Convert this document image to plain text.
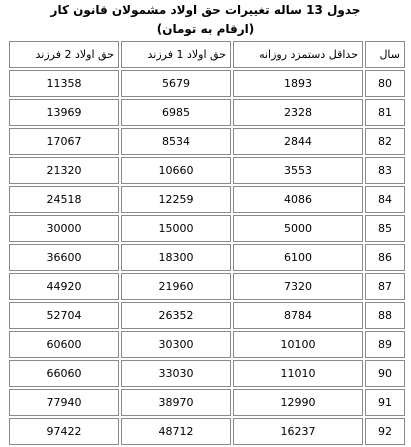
جدول 13 ساله تغییرات حق اولاد مشمولان قانون کار
(ارقام به تومان)
سال	حداقل دستمزد روزانه	حق اولاد 1 فرزند	حق اولاد 2 فرزند
80	1893	5679	11358
81	2328	6985	13969
82	2844	8534	17067
83	3553	10660	21320
84	4086	12259	24518
85	5000	15000	30000
86	6100	18300	36600
87	7320	21960	44920
88	8784	26352	52704
89	10100	30300	60600
90	11010	33030	66060
91	12990	38970	77940
92	16237	48712	97422
